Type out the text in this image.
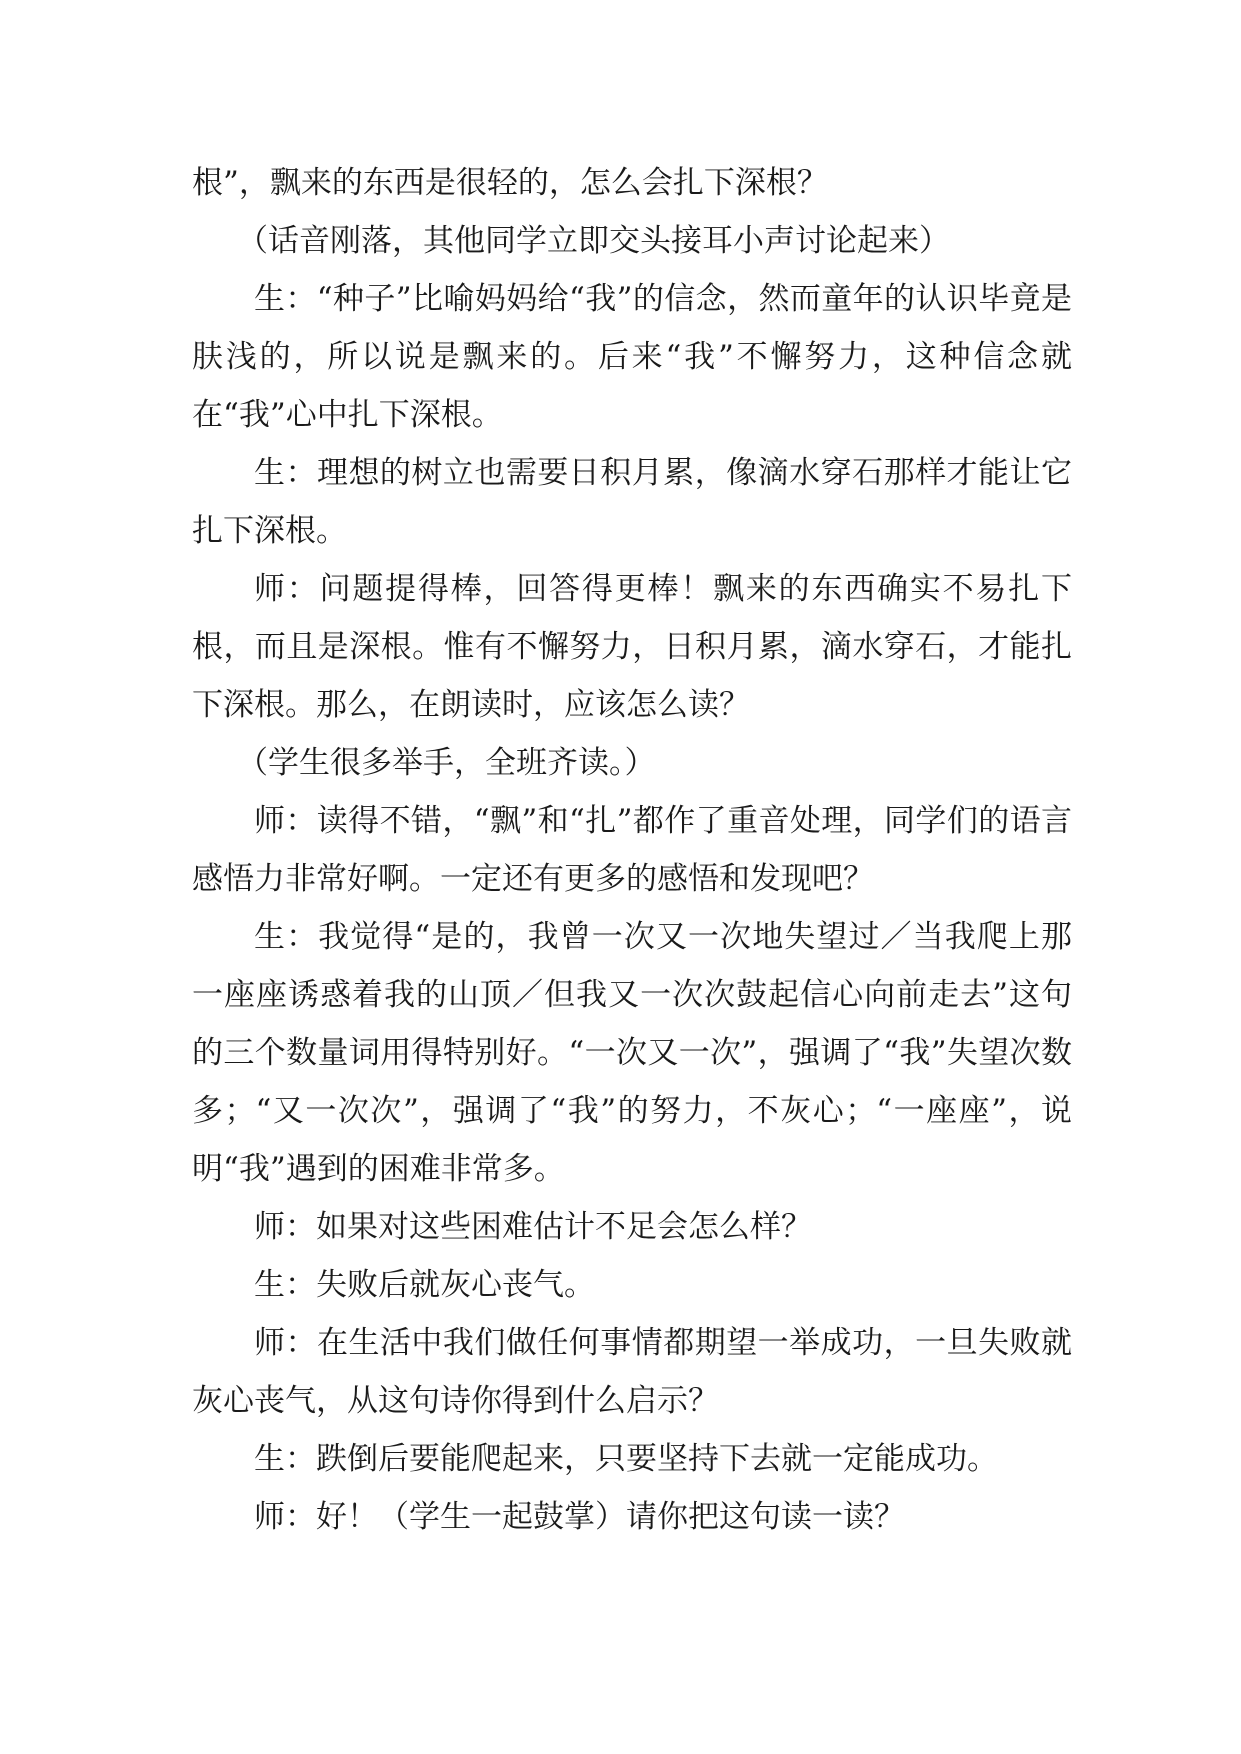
根”，飘来的东西是很轻的，怎么会扎下深根？

（话音刚落，其他同学立即交头接耳小声讨论起来）

生：“种子”比喻妈妈给“我”的信念，然而童年的认识毕竟是肤浅的，所以说是飘来的。后来“我”不懈努力，这种信念就在“我”心中扎下深根。

生：理想的树立也需要日积月累，像滴水穿石那样才能让它扎下深根。

师：问题提得棒，回答得更棒！飘来的东西确实不易扎下根，而且是深根。惟有不懈努力，日积月累，滴水穿石，才能扎下深根。那么，在朗读时，应该怎么读？

（学生很多举手，全班齐读。）

师：读得不错，“飘”和“扎”都作了重音处理，同学们的语言感悟力非常好啊。一定还有更多的感悟和发现吧？

生：我觉得“是的，我曾一次又一次地失望过／当我爬上那一座座诱惑着我的山顶／但我又一次次鼓起信心向前走去”这句的三个数量词用得特别好。“一次又一次”，强调了“我”失望次数多；“又一次次”，强调了“我”的努力，不灰心；“一座座”，说明“我”遇到的困难非常多。

师：如果对这些困难估计不足会怎么样？

生：失败后就灰心丧气。

师：在生活中我们做任何事情都期望一举成功，一旦失败就灰心丧气，从这句诗你得到什么启示？

生：跌倒后要能爬起来，只要坚持下去就一定能成功。

师：好！（学生一起鼓掌）请你把这句读一读？
